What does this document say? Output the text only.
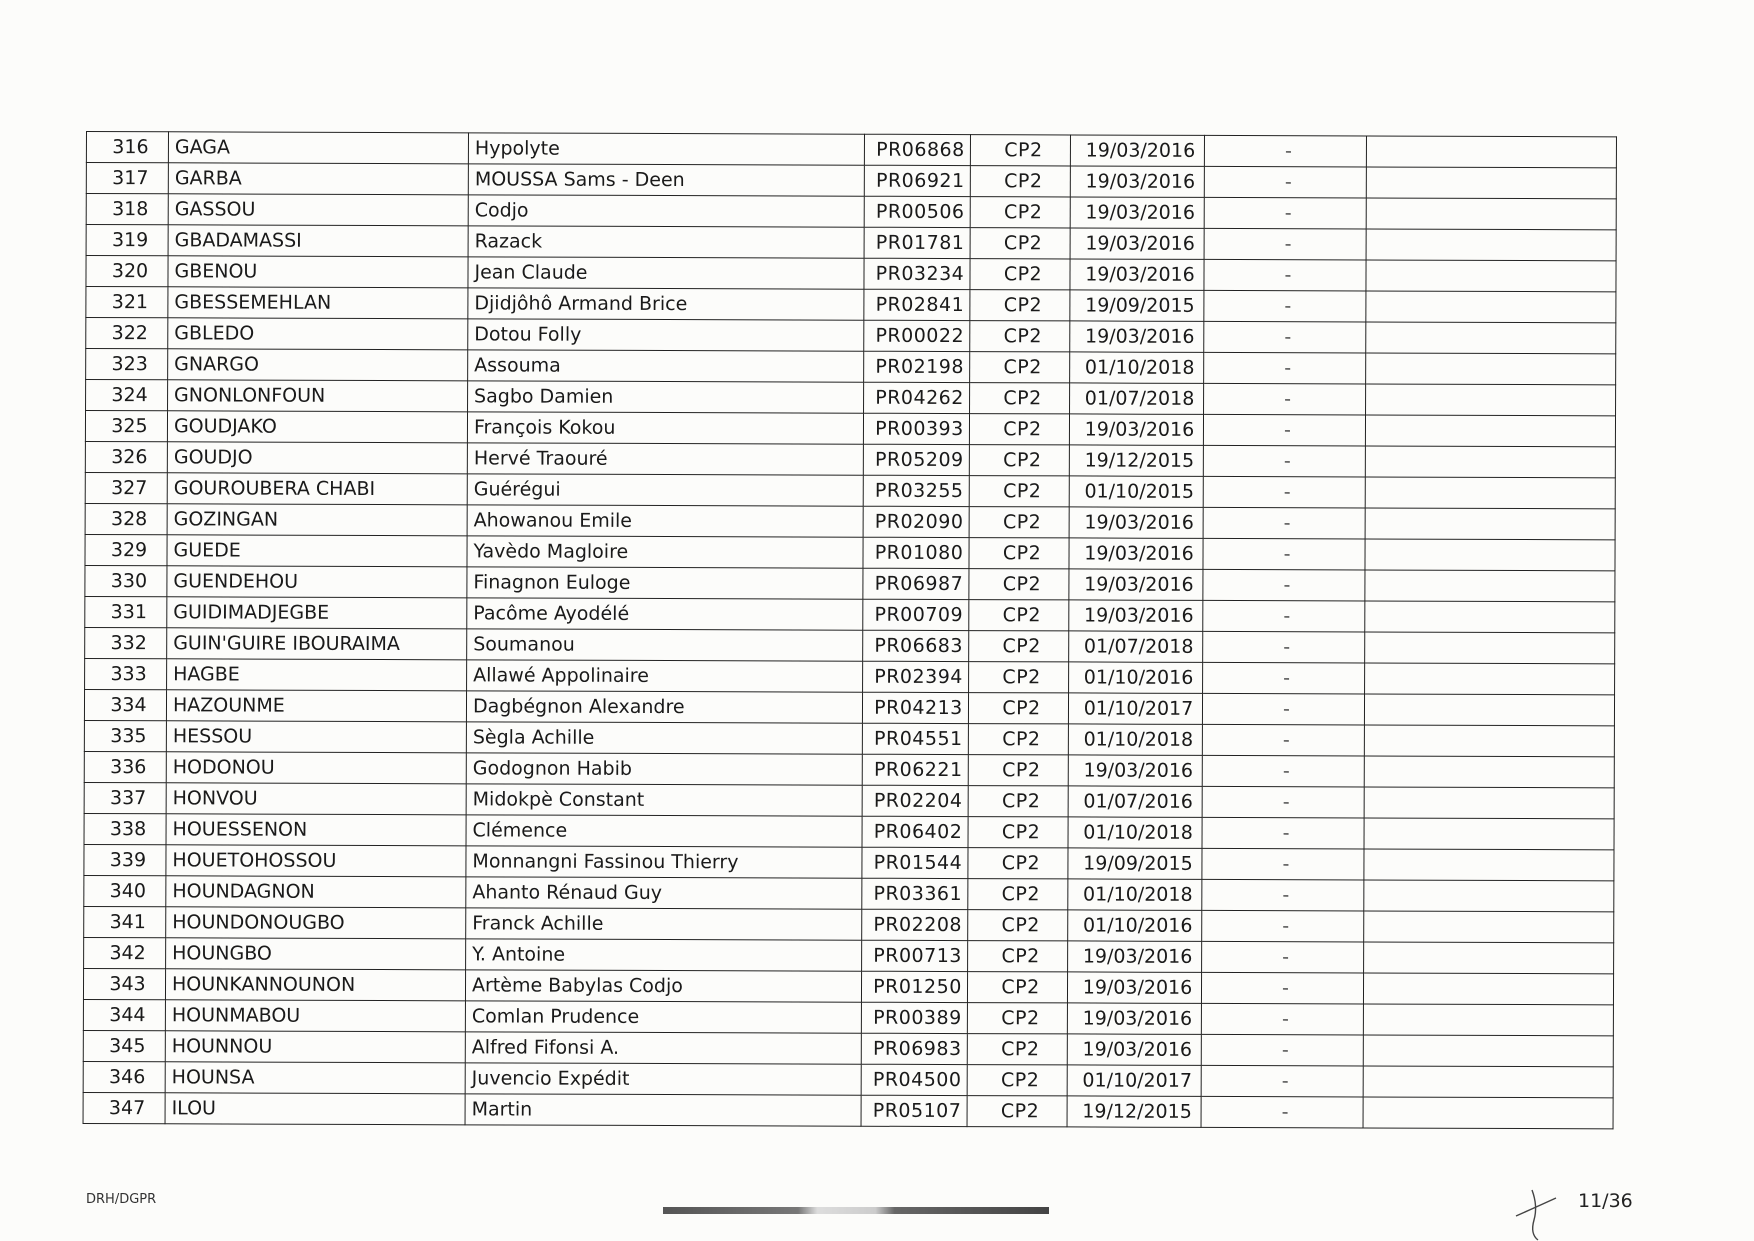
316	GAGA	Hypolyte	PR06868	CP2	19/03/2016	-	
317	GARBA	MOUSSA Sams - Deen	PR06921	CP2	19/03/2016	-	
318	GASSOU	Codjo	PR00506	CP2	19/03/2016	-	
319	GBADAMASSI	Razack	PR01781	CP2	19/03/2016	-	
320	GBENOU	Jean Claude	PR03234	CP2	19/03/2016	-	
321	GBESSEMEHLAN	Djidjôhô Armand Brice	PR02841	CP2	19/09/2015	-	
322	GBLEDO	Dotou Folly	PR00022	CP2	19/03/2016	-	
323	GNARGO	Assouma	PR02198	CP2	01/10/2018	-	
324	GNONLONFOUN	Sagbo Damien	PR04262	CP2	01/07/2018	-	
325	GOUDJAKO	François Kokou	PR00393	CP2	19/03/2016	-	
326	GOUDJO	Hervé Traouré	PR05209	CP2	19/12/2015	-	
327	GOUROUBERA CHABI	Guérégui	PR03255	CP2	01/10/2015	-	
328	GOZINGAN	Ahowanou Emile	PR02090	CP2	19/03/2016	-	
329	GUEDE	Yavèdo Magloire	PR01080	CP2	19/03/2016	-	
330	GUENDEHOU	Finagnon Euloge	PR06987	CP2	19/03/2016	-	
331	GUIDIMADJEGBE	Pacôme Ayodélé	PR00709	CP2	19/03/2016	-	
332	GUIN'GUIRE IBOURAIMA	Soumanou	PR06683	CP2	01/07/2018	-	
333	HAGBE	Allawé Appolinaire	PR02394	CP2	01/10/2016	-	
334	HAZOUNME	Dagbégnon Alexandre	PR04213	CP2	01/10/2017	-	
335	HESSOU	Sègla Achille	PR04551	CP2	01/10/2018	-	
336	HODONOU	Godognon Habib	PR06221	CP2	19/03/2016	-	
337	HONVOU	Midokpè Constant	PR02204	CP2	01/07/2016	-	
338	HOUESSENON	Clémence	PR06402	CP2	01/10/2018	-	
339	HOUETOHOSSOU	Monnangni Fassinou Thierry	PR01544	CP2	19/09/2015	-	
340	HOUNDAGNON	Ahanto Rénaud Guy	PR03361	CP2	01/10/2018	-	
341	HOUNDONOUGBO	Franck Achille	PR02208	CP2	01/10/2016	-	
342	HOUNGBO	Y. Antoine	PR00713	CP2	19/03/2016	-	
343	HOUNKANNOUNON	Artème Babylas Codjo	PR01250	CP2	19/03/2016	-	
344	HOUNMABOU	Comlan Prudence	PR00389	CP2	19/03/2016	-	
345	HOUNNOU	Alfred Fifonsi A.	PR06983	CP2	19/03/2016	-	
346	HOUNSA	Juvencio Expédit	PR04500	CP2	01/10/2017	-	
347	ILOU	Martin	PR05107	CP2	19/12/2015	-	
DRH/DGPR	11/36
